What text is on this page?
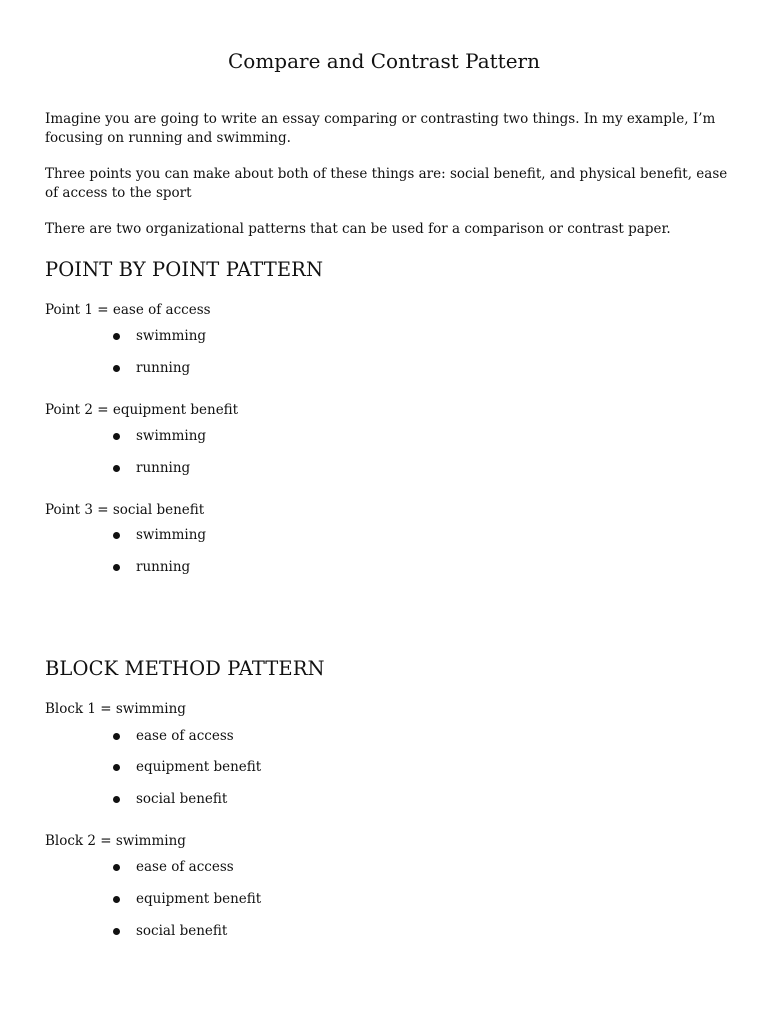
Compare and Contrast Pattern

Imagine you are going to write an essay comparing or contrasting two things. In my example, I’m focusing on running and swimming.

Three points you can make about both of these things are: social benefit, and physical benefit, ease of access to the sport

There are two organizational patterns that can be used for a comparison or contrast paper.

POINT BY POINT PATTERN

Point 1 = ease of access

swimming
running

Point 2 = equipment benefit

swimming
running

Point 3 = social benefit

swimming
running
BLOCK METHOD PATTERN

Block 1 = swimming

ease of access
equipment benefit
social benefit

Block 2 = swimming

ease of access
equipment benefit
social benefit
